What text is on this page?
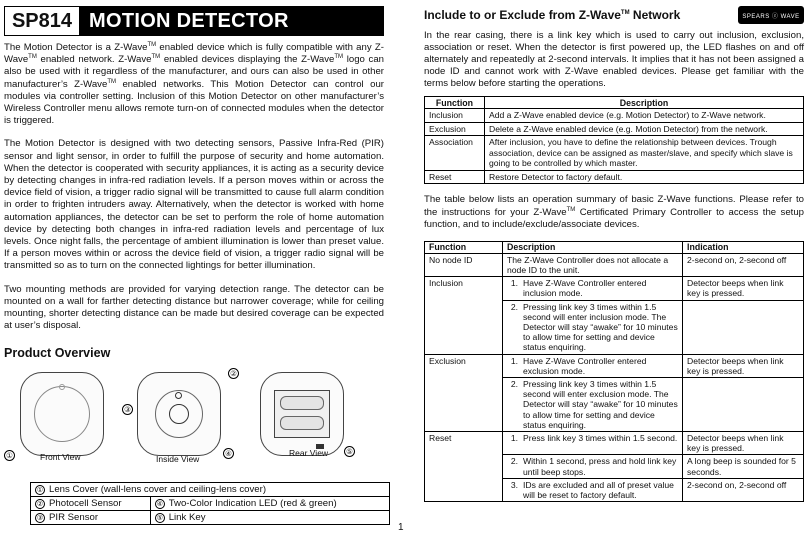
SP814 MOTION DETECTOR

The Motion Detector is a Z-Wave™ enabled device which is fully compatible with any Z-Wave™ enabled network. Z-Wave™ enabled devices displaying the Z-Wave™ logo can also be used with it regardless of the manufacturer, and ours can also be used in other manufacturer’s Z-Wave™ enabled networks. This Motion Detector can control our modules via controller setting. Inclusion of this Motion Detector on other manufacturer’s Wireless Controller menu allows remote turn-on of connected modules when the detector is triggered.

The Motion Detector is designed with two detecting sensors, Passive Infra-Red (PIR) sensor and light sensor, in order to fulfill the purpose of security and home automation. When the detector is cooperated with security appliances, it is acting as a security device by detecting changes in infra-red radiation levels. If a person moves within or across the device field of vision, a trigger radio signal will be transmitted to cause full alarm condition in order to frighten intruders away. Alternatively, when the detector is worked with home automation appliances, the detector can be set to perform the role of home automation device by detecting both changes in infra-red radiation levels and percentage of lux levels. Once night falls, the percentage of ambient illumination is lower than preset value. If a person moves within or across the device field of vision, a trigger radio signal will be transmitted so as to turn on the connected lightings for better illumination.

Two mounting methods are provided for varying detection range. The detector can be mounted on a wall for farther detecting distance but narrower coverage; while for ceiling mounting, shorter detecting distance can be made but desired coverage can be expected at user’s disposal.

Product Overview
①	Front View
②
③
④
Inside View
⑤
Rear View
① Lens Cover (wall-lens cover and ceiling-lens cover)	
② Photocell Sensor	④ Two-Color Indication LED (red & green)
③ PIR Sensor	⑤ Link Key
1
Include to or Exclude from Z-Wave™ Network	SPEARS ⓩ WAVE

In the rear casing, there is a link key which is used to carry out inclusion, exclusion, association or reset. When the detector is first powered up, the LED flashes on and off alternately and repeatedly at 2-second intervals. It implies that it has not been assigned a node ID and cannot work with Z-Wave enabled devices. Please get familiar with the terms below before starting the operations.

Function	Description
Inclusion	Add a Z-Wave enabled device (e.g. Motion Detector) to Z-Wave network.
Exclusion	Delete a Z-Wave enabled device (e.g. Motion Detector) from the network.
Association	After inclusion, you have to define the relationship between devices. Trough association, device can be assigned as master/slave, and specify which slave is going to be controlled by which master.
Reset	Restore Detector to factory default.

The table below lists an operation summary of basic Z-Wave functions. Please refer to the instructions for your Z-Wave™ Certificated Primary Controller to access the setup function, and to include/exclude/associate devices.

Function	Description	Indication
No node ID	The Z-Wave Controller does not allocate a node ID to the unit.	2-second on, 2-second off
Inclusion	1. Have Z-Wave Controller entered inclusion mode.	Detector beeps when link key is pressed.

	2. Pressing link key 3 times within 1.5 second will enter inclusion mode. The Detector will stay “awake” for 10 minutes to allow time for setting and device status enquiring.	

Exclusion	1. Have Z-Wave Controller entered exclusion mode.	Detector beeps when link key is pressed.

	2. Pressing link key 3 times within 1.5 second will enter exclusion mode. The Detector will stay “awake” for 10 minutes to allow time for setting and device status enquiring.	

Reset	1. Press link key 3 times within 1.5 second.	Detector beeps when link key is pressed.

	2. Within 1 second, press and hold link key until beep stops.	A long beep is sounded for 5 seconds.

	3. IDs are excluded and all of preset value will be reset to factory default.	2-second on, 2-second off
